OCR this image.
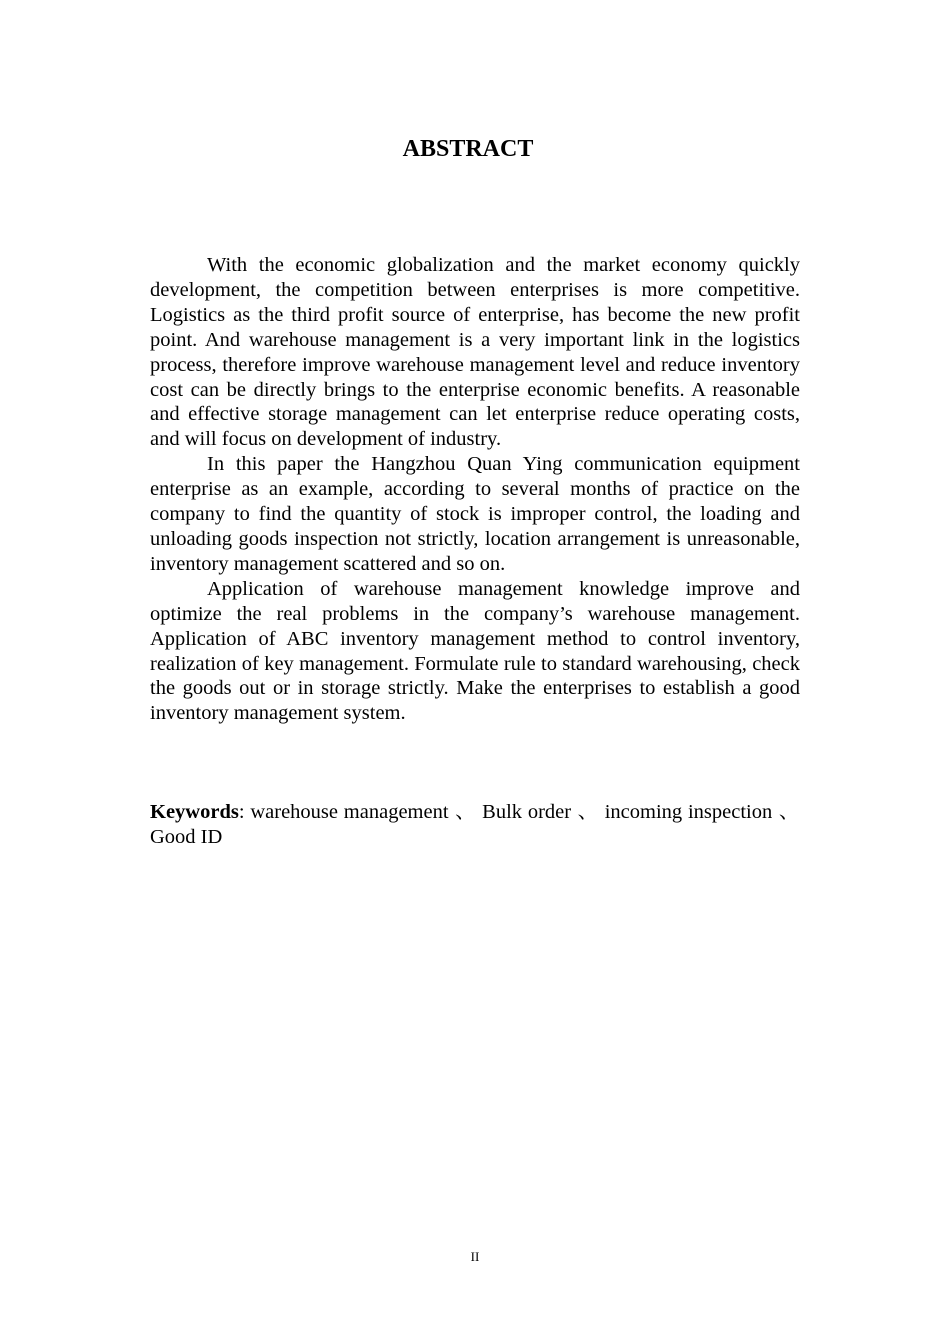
ABSTRACT

With the economic globalization and the market economy quickly development, the competition between enterprises is more competitive. Logistics as the third profit source of enterprise, has become the new profit point. And warehouse management is a very important link in the logistics process, therefore improve warehouse management level and reduce inventory cost can be directly brings to the enterprise economic benefits. A reasonable and effective storage management can let enterprise reduce operating costs, and will focus on development of industry.

In this paper the Hangzhou Quan Ying communication equipment enterprise as an example, according to several months of practice on the company to find the quantity of stock is improper control, the loading and unloading goods inspection not strictly, location arrangement is unreasonable, inventory management scattered and so on.

Application of warehouse management knowledge improve and optimize the real problems in the company’s warehouse management. Application of ABC inventory management method to control inventory, realization of key management. Formulate rule to standard warehousing, check the goods out or in storage strictly. Make the enterprises to establish a good inventory management system.

Keywords: warehouse management 、 Bulk order 、 incoming inspection 、 Good ID

II
